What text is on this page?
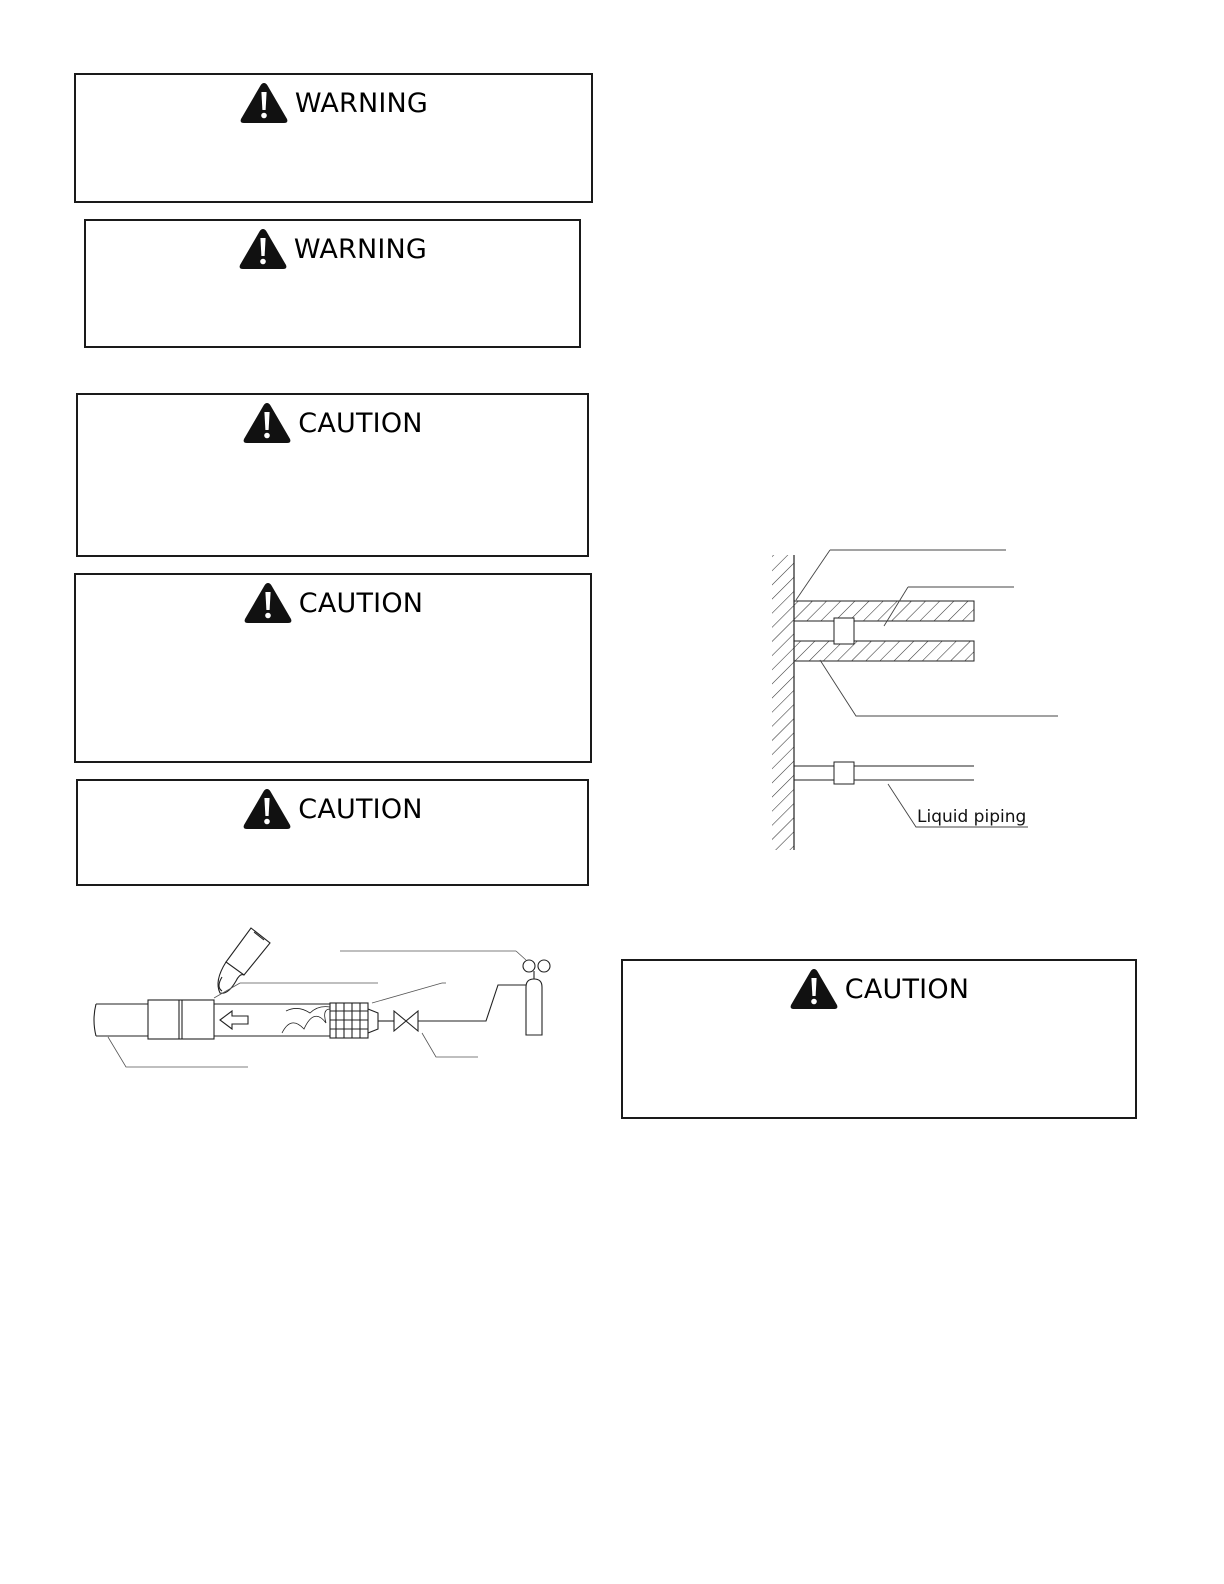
WARNING
WARNING
CAUTION
CAUTION
CAUTION
CAUTION
Liquid piping
